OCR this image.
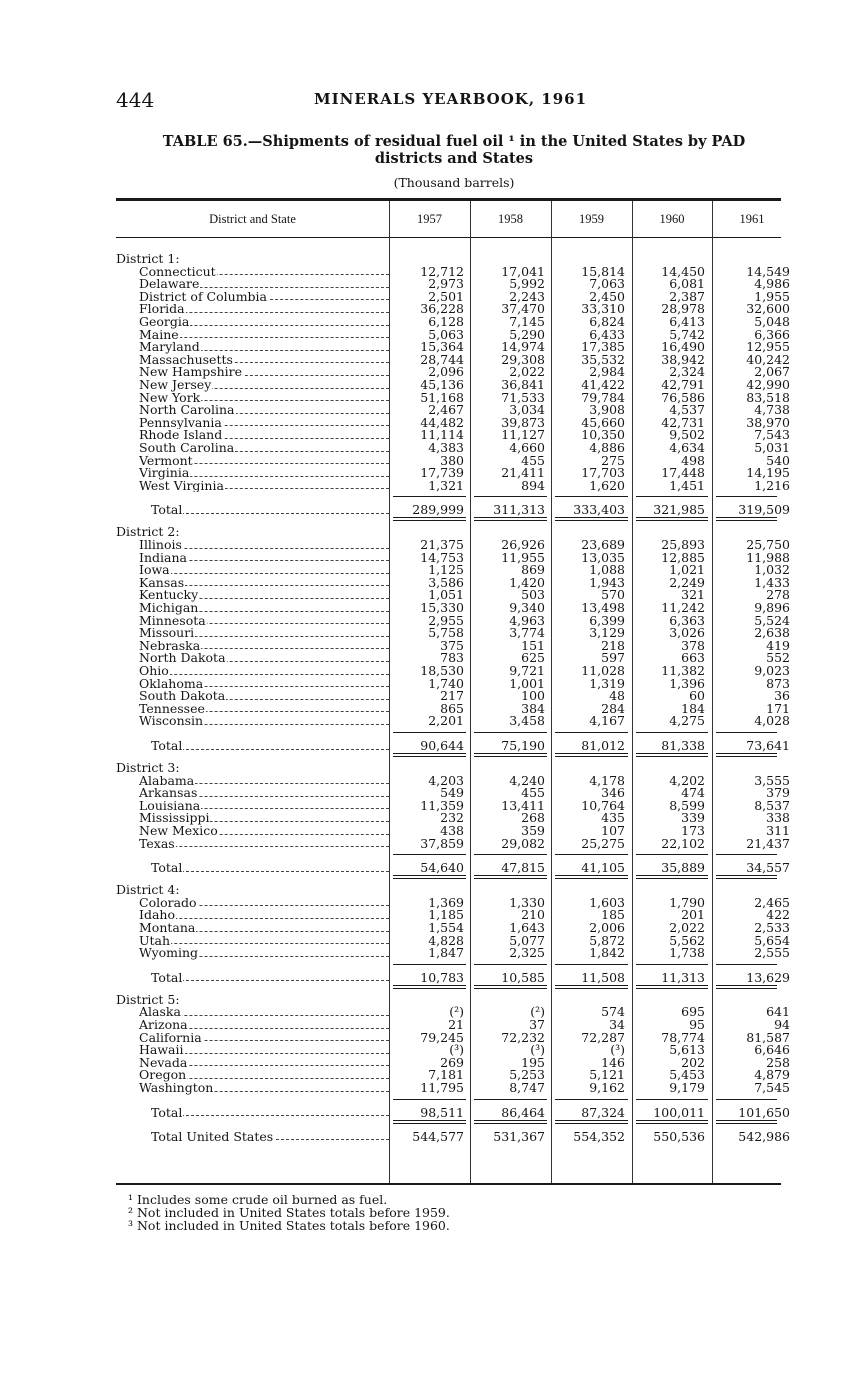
444	MINERALS YEARBOOK, 1961
TABLE 65.—Shipments of residual fuel oil ¹ in the United States by PAD
districts and States
(Thousand barrels)
District and State	1957	1958	1959	1960	1961
District 1:
Connecticut	12,712	17,041	15,814	14,450	14,549
Delaware	2,973	5,992	7,063	6,081	4,986
District of Columbia	2,501	2,243	2,450	2,387	1,955
Florida	36,228	37,470	33,310	28,978	32,600
Georgia	6,128	7,145	6,824	6,413	5,048
Maine	5,063	5,290	6,433	5,742	6,366
Maryland	15,364	14,974	17,385	16,490	12,955
Massachusetts	28,744	29,308	35,532	38,942	40,242
New Hampshire	2,096	2,022	2,984	2,324	2,067
New Jersey	45,136	36,841	41,422	42,791	42,990
New York	51,168	71,533	79,784	76,586	83,518
North Carolina	2,467	3,034	3,908	4,537	4,738
Pennsylvania	44,482	39,873	45,660	42,731	38,970
Rhode Island	11,114	11,127	10,350	9,502	7,543
South Carolina	4,383	4,660	4,886	4,634	5,031
Vermont	380	455	275	498	540
Virginia	17,739	21,411	17,703	17,448	14,195
West Virginia	1,321	894	1,620	1,451	1,216
Total	289,999	311,313	333,403	321,985	319,509
District 2:
Illinois	21,375	26,926	23,689	25,893	25,750
Indiana	14,753	11,955	13,035	12,885	11,988
Iowa	1,125	869	1,088	1,021	1,032
Kansas	3,586	1,420	1,943	2,249	1,433
Kentucky	1,051	503	570	321	278
Michigan	15,330	9,340	13,498	11,242	9,896
Minnesota	2,955	4,963	6,399	6,363	5,524
Missouri	5,758	3,774	3,129	3,026	2,638
Nebraska	375	151	218	378	419
North Dakota	783	625	597	663	552
Ohio	18,530	9,721	11,028	11,382	9,023
Oklahoma	1,740	1,001	1,319	1,396	873
South Dakota	217	100	48	60	36
Tennessee	865	384	284	184	171
Wisconsin	2,201	3,458	4,167	4,275	4,028
Total	90,644	75,190	81,012	81,338	73,641
District 3:
Alabama	4,203	4,240	4,178	4,202	3,555
Arkansas	549	455	346	474	379
Louisiana	11,359	13,411	10,764	8,599	8,537
Mississippi	232	268	435	339	338
New Mexico	438	359	107	173	311
Texas	37,859	29,082	25,275	22,102	21,437
Total	54,640	47,815	41,105	35,889	34,557
District 4:
Colorado	1,369	1,330	1,603	1,790	2,465
Idaho	1,185	210	185	201	422
Montana	1,554	1,643	2,006	2,022	2,533
Utah	4,828	5,077	5,872	5,562	5,654
Wyoming	1,847	2,325	1,842	1,738	2,555
Total	10,783	10,585	11,508	11,313	13,629
District 5:
Alaska	(²)	(²)	574	695	641
Arizona	21	37	34	95	94
California	79,245	72,232	72,287	78,774	81,587
Hawaii	(³)	(³)	(³)	5,613	6,646
Nevada	269	195	146	202	258
Oregon	7,181	5,253	5,121	5,453	4,879
Washington	11,795	8,747	9,162	9,179	7,545
Total	98,511	86,464	87,324	100,011	101,650
Total United States	544,577	531,367	554,352	550,536	542,986
¹ Includes some crude oil burned as fuel.
² Not included in United States totals before 1959.
³ Not included in United States totals before 1960.
